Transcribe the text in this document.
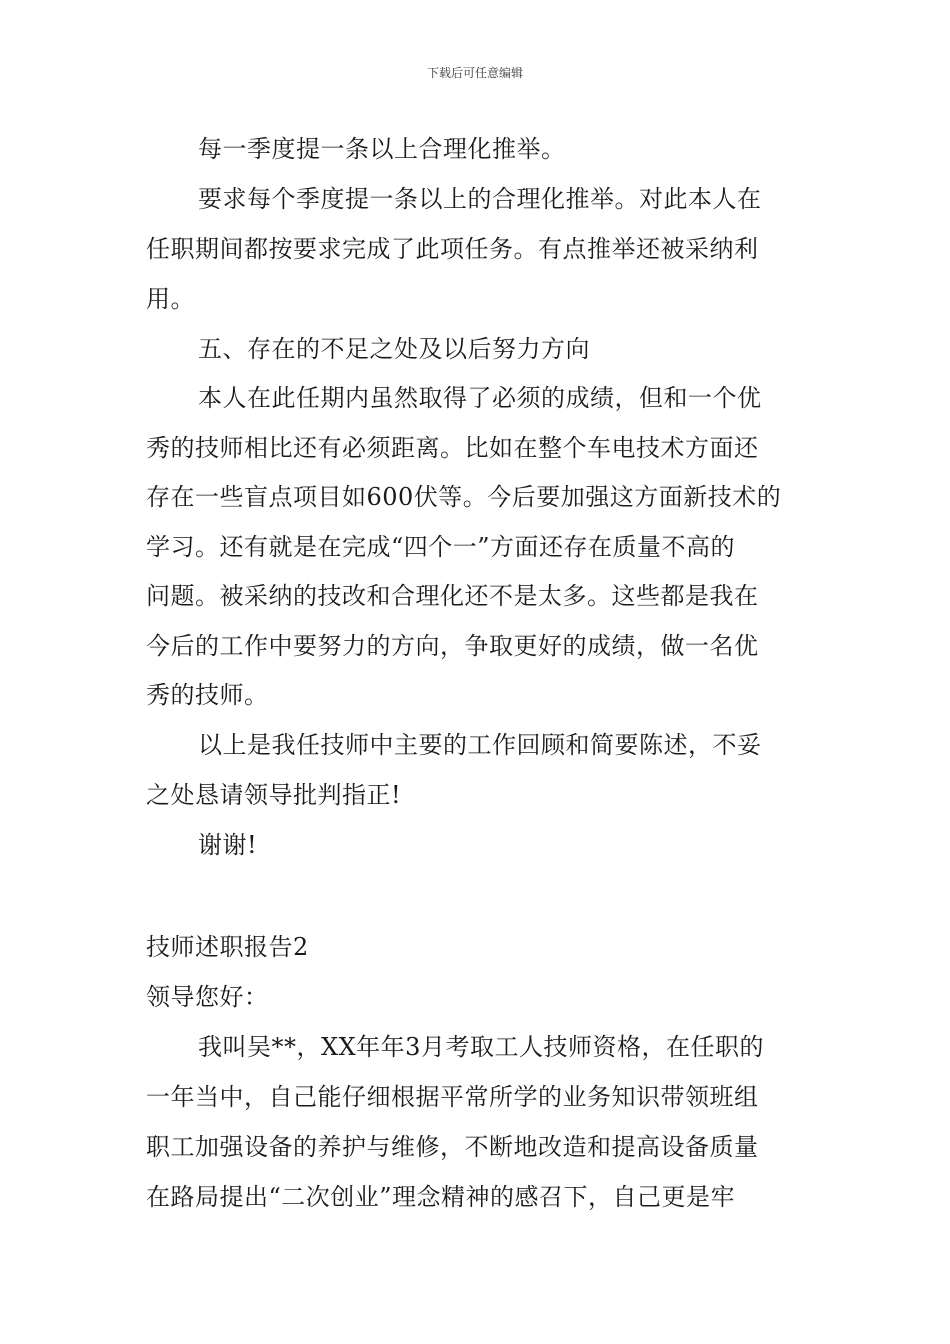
下载后可任意编辑
每一季度提一条以上合理化推举。
要求每个季度提一条以上的合理化推举。对此本人在
任职期间都按要求完成了此项任务。有点推举还被采纳利
用。
五、存在的不足之处及以后努力方向
本人在此任期内虽然取得了必须的成绩，但和一个优
秀的技师相比还有必须距离。比如在整个车电技术方面还
存在一些盲点项目如600伏等。今后要加强这方面新技术的
学习。还有就是在完成“四个一”方面还存在质量不高的
问题。被采纳的技改和合理化还不是太多。这些都是我在
今后的工作中要努力的方向，争取更好的成绩，做一名优
秀的技师。
以上是我任技师中主要的工作回顾和简要陈述，不妥
之处恳请领导批判指正!
谢谢!
技师述职报告2
领导您好：
我叫吴**，XX年年3月考取工人技师资格，在任职的
一年当中，自己能仔细根据平常所学的业务知识带领班组
职工加强设备的养护与维修，不断地改造和提高设备质量
在路局提出“二次创业”理念精神的感召下，自己更是牢
